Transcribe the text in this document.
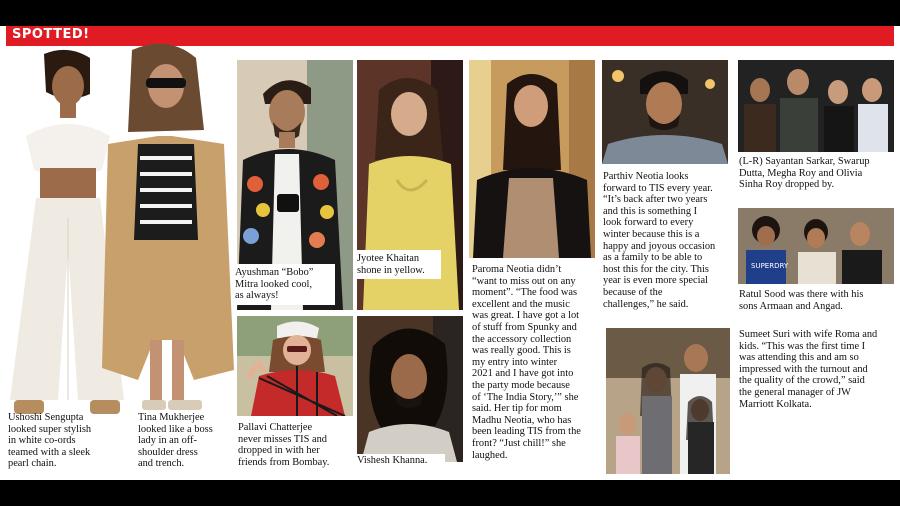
SPOTTED!
Ushoshi Sengupta
looked super stylish
in white co-ords
teamed with a sleek
pearl chain.
Tina Mukherjee
looked like a boss
lady in an off-
shoulder dress
and trench.
Ayushman “Bobo”
Mitra looked cool,
as always!
Jyotee Khaitan
shone in yellow.	Paroma Neotia didn’t
“want to miss out on any
moment”. “The food was
excellent and the music
was great. I have got a lot
of stuff from Spunky and
the accessory collection
was really good. This is
my entry into winter
2021 and I have got into
the party mode because
of ‘The India Story,’” she
said. Her tip for mom
Madhu Neotia, who has
been leading TIS from the
front? “Just chill!” she
laughed.
Parthiv Neotia looks
forward to TIS every year.
“It’s back after two years
and this is something I
look forward to every
winter because this is a
happy and joyous occasion
as a family to be able to
host this for the city. This
year is even more special
because of the
challenges,” he said.
(L-R) Sayantan Sarkar, Swarup
Dutta, Megha Roy and Olivia
Sinha Roy dropped by.
SUPERDRY
Ratul Sood was there with his
sons Armaan and Angad.
Pallavi Chatterjee
never misses TIS and
dropped in with her
friends from Bombay.	Vishesh Khanna.
Sumeet Suri with wife Roma and
kids. “This was the first time I
was attending this and am so
impressed with the turnout and
the quality of the crowd,” said
the general manager of JW
Marriott Kolkata.
